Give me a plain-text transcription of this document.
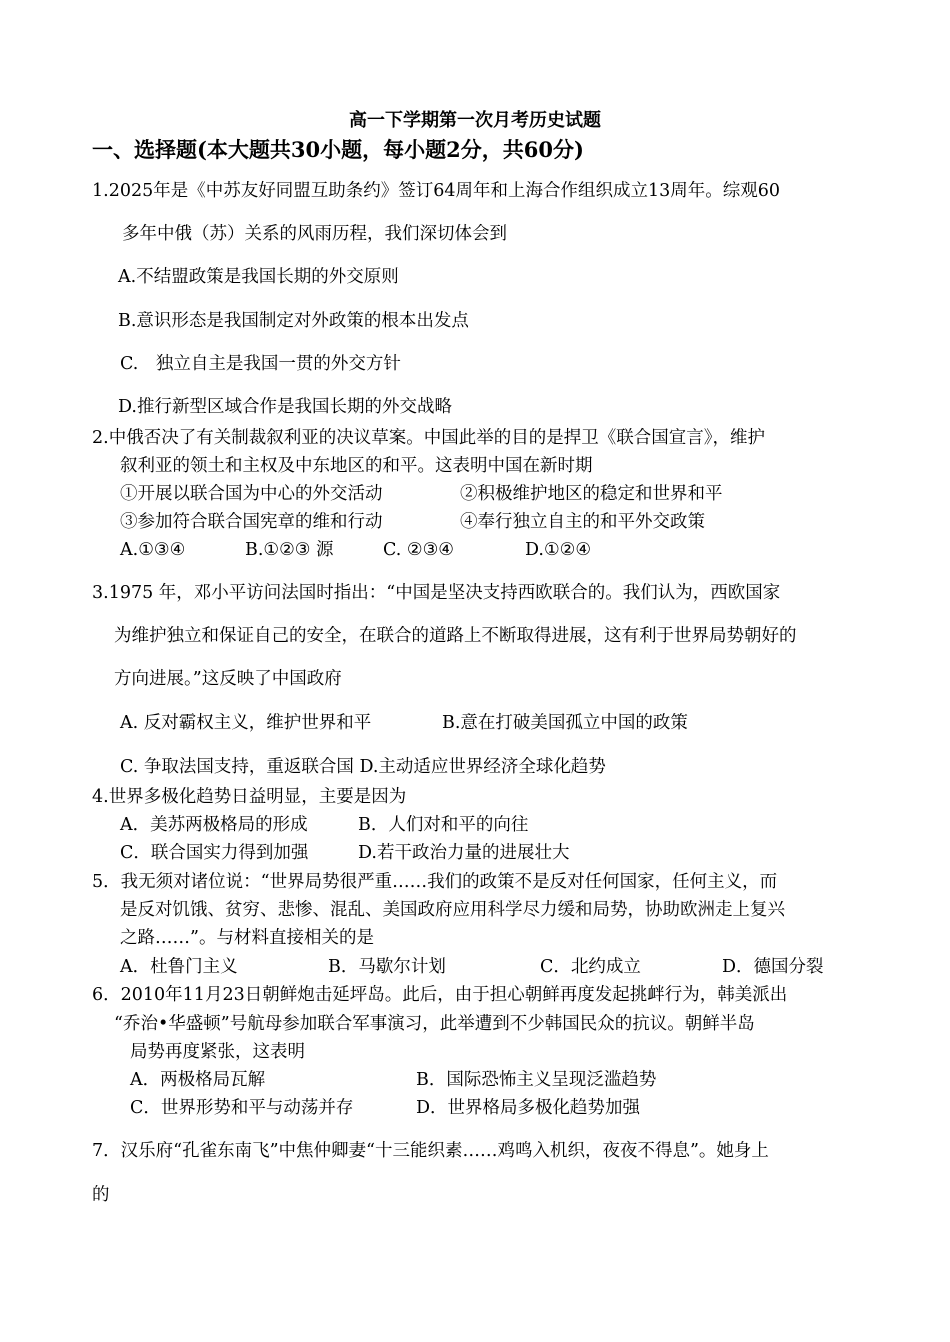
高一下学期第一次月考历史试题
一、选择题(本大题共30小题，每小题2分，共60分)
1.2025年是《中苏友好同盟互助条约》签订64周年和上海合作组织成立13周年。综观60
多年中俄（苏）关系的风雨历程，我们深切体会到
A.不结盟政策是我国长期的外交原则
B.意识形态是我国制定对外政策的根本出发点
C.　独立自主是我国一贯的外交方针
D.推行新型区域合作是我国长期的外交战略
2.中俄否决了有关制裁叙利亚的决议草案。中国此举的目的是捍卫《联合国宣言》，维护
叙利亚的领土和主权及中东地区的和平。这表明中国在新时期
①开展以联合国为中心的外交活动	②积极维护地区的稳定和世界和平
③参加符合联合国宪章的维和行动	④奉行独立自主的和平外交政策
A.①③④	B.①②③ 源	C. ②③④	D.①②④
3.1975 年，邓小平访问法国时指出：“中国是坚决支持西欧联合的。我们认为，西欧国家
为维护独立和保证自己的安全，在联合的道路上不断取得进展，这有利于世界局势朝好的
方向进展。”这反映了中国政府
A. 反对霸权主义，维护世界和平	B.意在打破美国孤立中国的政策
C. 争取法国支持，重返联合国 D.主动适应世界经济全球化趋势
4.世界多极化趋势日益明显，主要是因为
A．美苏两极格局的形成	B．人们对和平的向往
C．联合国实力得到加强	D.若干政治力量的进展壮大
5．我无须对诸位说：“世界局势很严重……我们的政策不是反对任何国家，任何主义，而
是反对饥饿、贫穷、悲惨、混乱、美国政府应用科学尽力缓和局势，协助欧洲走上复兴
之路……”。与材料直接相关的是
A．杜鲁门主义	B．马歇尔计划	C．北约成立	D．德国分裂
6．2010年11月23日朝鲜炮击延坪岛。此后，由于担心朝鲜再度发起挑衅行为，韩美派出
“乔治•华盛顿”号航母参加联合军事演习，此举遭到不少韩国民众的抗议。朝鲜半岛
局势再度紧张，这表明
A．两极格局瓦解	B．国际恐怖主义呈现泛滥趋势
C．世界形势和平与动荡并存	D．世界格局多极化趋势加强
7．汉乐府“孔雀东南飞”中焦仲卿妻“十三能织素……鸡鸣入机织，夜夜不得息”。她身上
的
